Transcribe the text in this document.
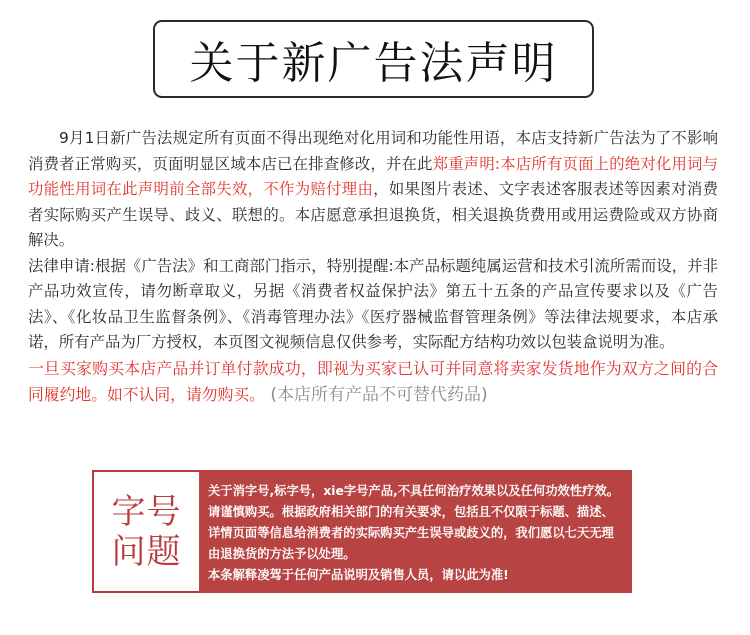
关于新广告法声明

9月1日新广告法规定所有页面不得出现绝对化用词和功能性用语，本店支持新广告法为了不影响消费者正常购买，页面明显区域本店已在排查修改，并在此郑重声明:本店所有页面上的绝对化用词与功能性用词在此声明前全部失效，不作为赔付理由，如果图片表述、文字表述客服表述等因素对消费者实际购买产生误导、歧义、联想的。本店愿意承担退换货，相关退换货费用或用运费险或双方协商解决。

法律申请:根据《广告法》和工商部门指示，特别提醒:本产品标题纯属运营和技术引流所需而设，并非产品功效宣传，请勿断章取义，另据《消费者权益保护法》第五十五条的产品宣传要求以及《广告法》、《化妆品卫生监督条例》、《消毒管理办法》《医疗器械监督管理条例》等法律法规要求，本店承诺，所有产品为厂方授权，本页图文视频信息仅供参考，实际配方结构功效以包装盒说明为准。

一旦买家购买本店产品并订单付款成功，即视为买家已认可并同意将卖家发货地作为双方之间的合同履约地。如不认同，请勿购买。 (本店所有产品不可替代药品)

字号
问题

关于消字号,标字号，xie字号产品,不具任何治疗效果以及任何功效性疗效。请谨慎购买。根据政府相关部门的有关要求，包括且不仅限于标题、描述、详情页面等信息给消费者的实际购买产生误导或歧义的，我们愿以七天无理由退换货的方法予以处理。

本条解释凌驾于任何产品说明及销售人员，请以此为准!
